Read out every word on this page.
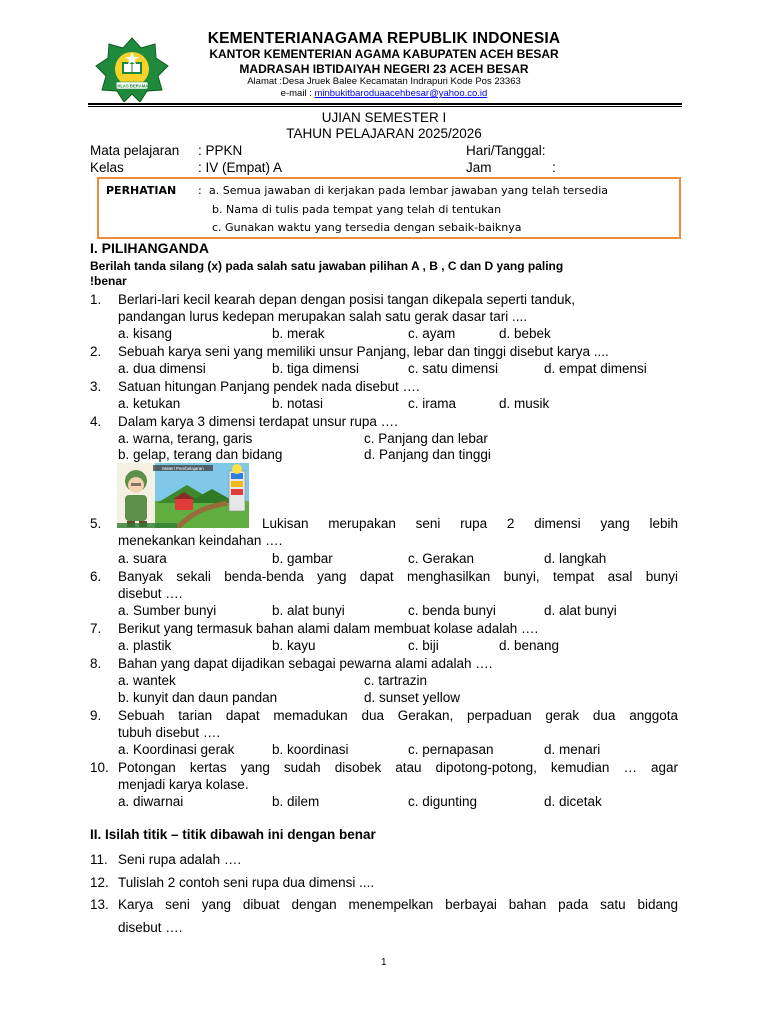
IKHLAS BERAMAL
KEMENTERIANAGAMA REPUBLIK INDONESIA
KANTOR KEMENTERIAN AGAMA KABUPATEN ACEH BESAR
MADRASAH IBTIDAIYAH NEGERI 23 ACEH BESAR
Alamat :Desa Jruek Balee Kecamatan Indrapuri Kode Pos 23363
e-mail : minbukitbaroduaacehbesar@yahoo.co.id
UJIAN SEMESTER I
TAHUN PELAJARAN 2025/2026
Mata pelajaran : PPKN	Hari/Tanggal:
Kelas	: IV (Empat) A	Jam	:
PERHATIAN : a. Semua jawaban di kerjakan pada lembar jawaban yang telah tersedia
b. Nama di tulis pada tempat yang telah di tentukan
c. Gunakan waktu yang tersedia dengan sebaik-baiknya
I. PILIHANGANDA
Berilah tanda silang (x) pada salah satu jawaban pilihan A , B , C dan D yang paling
!benar
1. Berlari-lari kecil kearah depan dengan posisi tangan dikepala seperti tanduk,
pandangan lurus kedepan merupakan salah satu gerak dasar tari ....
a. kisang	b. merak	c. ayam	d. bebek
2. Sebuah karya seni yang memiliki unsur Panjang, lebar dan tinggi disebut karya ....
a. dua dimensi	b. tiga dimensi	c. satu dimensi	d. empat dimensi
3. Satuan hitungan Panjang pendek nada disebut ….
a. ketukan	b. notasi	c. irama	d. musik
4. Dalam karya 3 dimensi terdapat unsur rupa ….
a. warna, terang, garis	c. Panjang dan lebar
b. gelap, terang dan bidang	d. Panjang dan tinggi
Materi Pembelajaran
5.	Lukisan merupakan seni rupa 2 dimensi yang lebih
menekankan keindahan ….
a. suara	b. gambar	c. Gerakan	d. langkah
6. Banyak sekali benda-benda yang dapat menghasilkan bunyi, tempat asal bunyi
disebut ….
a. Sumber bunyi	b. alat bunyi	c. benda bunyi	d. alat bunyi
7. Berikut yang termasuk bahan alami dalam membuat kolase adalah ….
a. plastik	b. kayu	c. biji	d. benang
8. Bahan yang dapat dijadikan sebagai pewarna alami adalah ….
a. wantek	c. tartrazin
b. kunyit dan daun pandan	d. sunset yellow
9. Sebuah tarian dapat memadukan dua Gerakan, perpaduan gerak dua anggota
tubuh disebut ….
a. Koordinasi gerak	b. koordinasi	c. pernapasan	d. menari
10. Potongan kertas yang sudah disobek atau dipotong-potong, kemudian … agar
menjadi karya kolase.
a. diwarnai	b. dilem	c. digunting	d. dicetak
II. Isilah titik – titik dibawah ini dengan benar
11. Seni rupa adalah ….
12. Tulislah 2 contoh seni rupa dua dimensi ....
13. Karya seni yang dibuat dengan menempelkan berbayai bahan pada satu bidang
disebut ….
1
